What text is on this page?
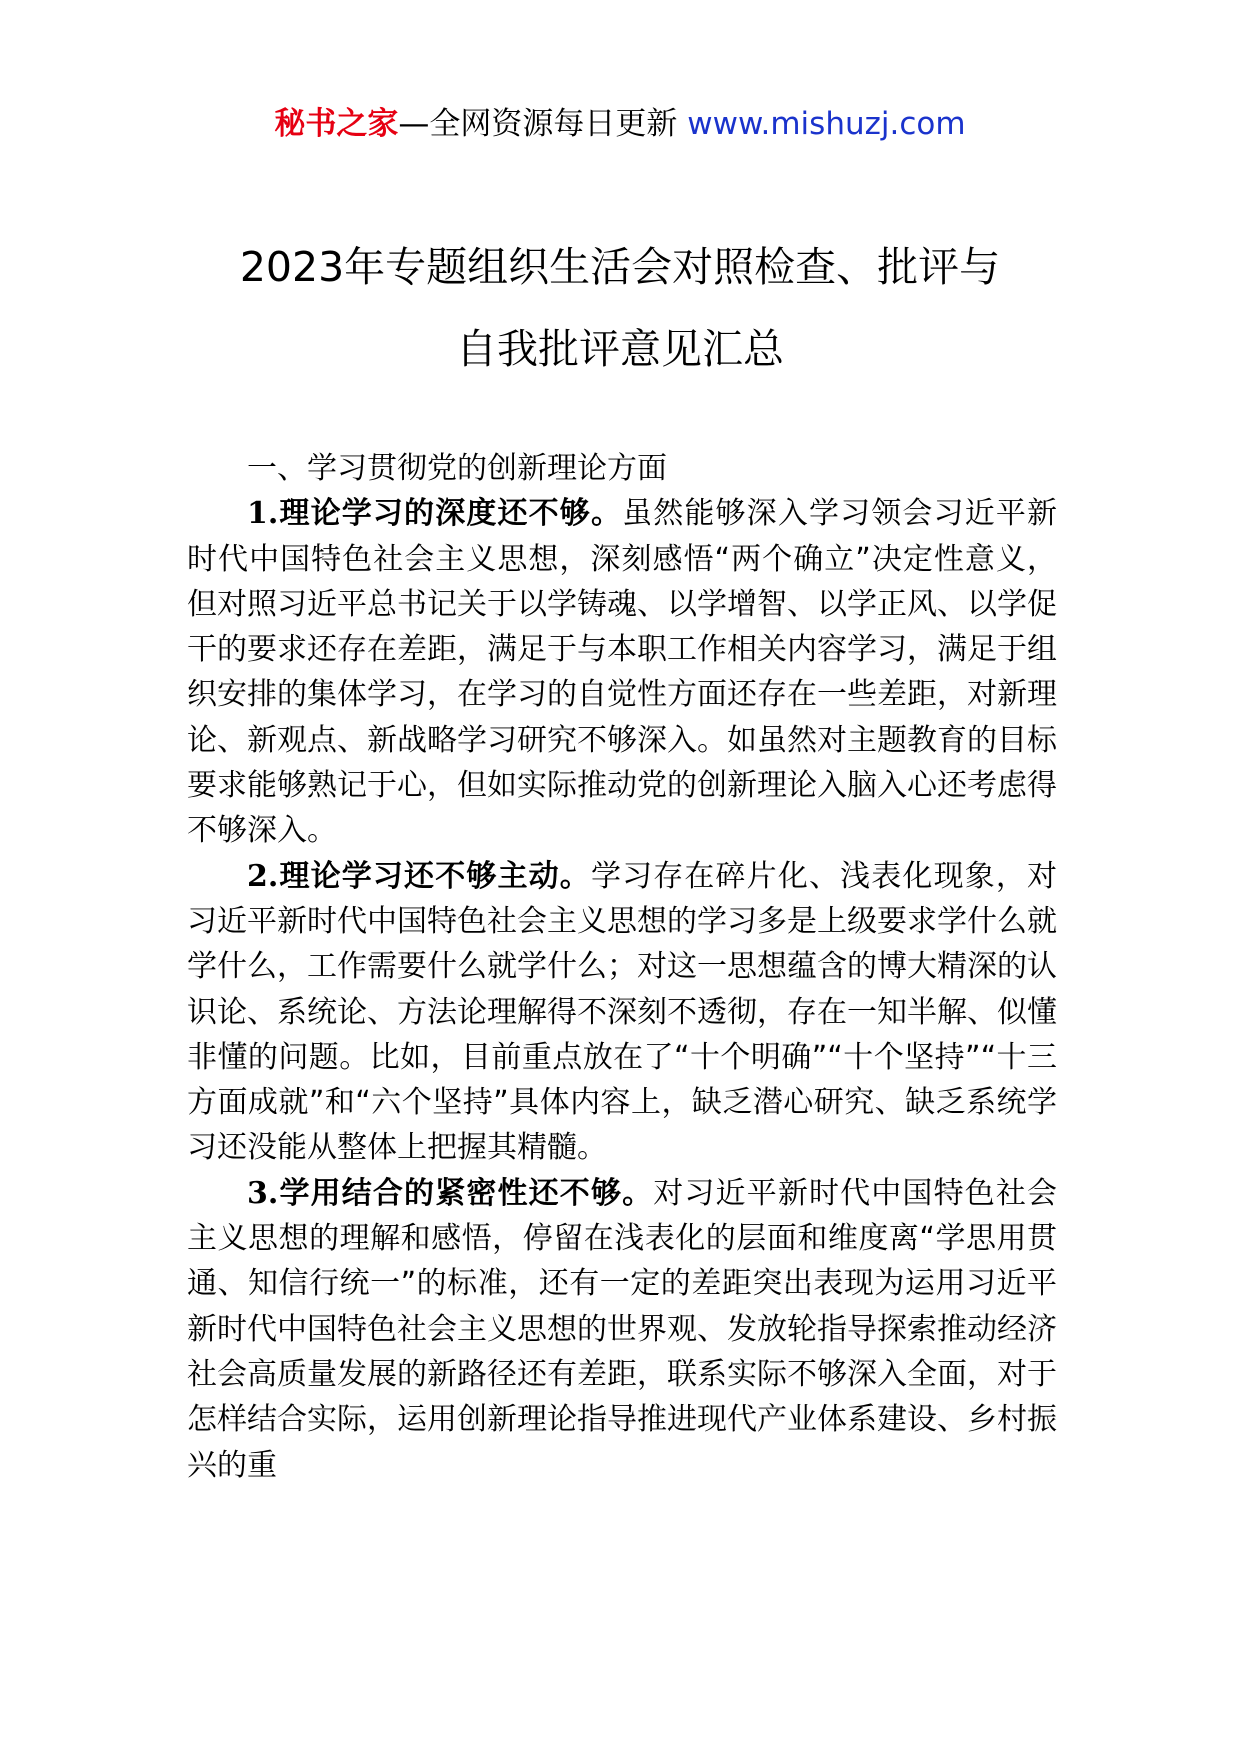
秘书之家—全网资源每日更新 www.mishuzj.com
2023年专题组织生活会对照检查、批评与
自我批评意见汇总

一、学习贯彻党的创新理论方面

1.理论学习的深度还不够。虽然能够深入学习领会习近平新时代中国特色社会主义思想，深刻感悟“两个确立”决定性意义，但对照习近平总书记关于以学铸魂、以学增智、以学正风、以学促干的要求还存在差距，满足于与本职工作相关内容学习，满足于组织安排的集体学习，在学习的自觉性方面还存在一些差距，对新理论、新观点、新战略学习研究不够深入。如虽然对主题教育的目标要求能够熟记于心，但如实际推动党的创新理论入脑入心还考虑得不够深入。

2.理论学习还不够主动。学习存在碎片化、浅表化现象，对习近平新时代中国特色社会主义思想的学习多是上级要求学什么就学什么，工作需要什么就学什么；对这一思想蕴含的博大精深的认识论、系统论、方法论理解得不深刻不透彻，存在一知半解、似懂非懂的问题。比如，目前重点放在了“十个明确”“十个坚持”“十三方面成就”和“六个坚持”具体内容上，缺乏潜心研究、缺乏系统学习还没能从整体上把握其精髓。

3.学用结合的紧密性还不够。对习近平新时代中国特色社会主义思想的理解和感悟，停留在浅表化的层面和维度离“学思用贯通、知信行统一”的标准，还有一定的差距突出表现为运用习近平新时代中国特色社会主义思想的世界观、发放轮指导探索推动经济社会高质量发展的新路径还有差距，联系实际不够深入全面，对于怎样结合实际，运用创新理论指导推进现代产业体系建设、乡村振兴的重
